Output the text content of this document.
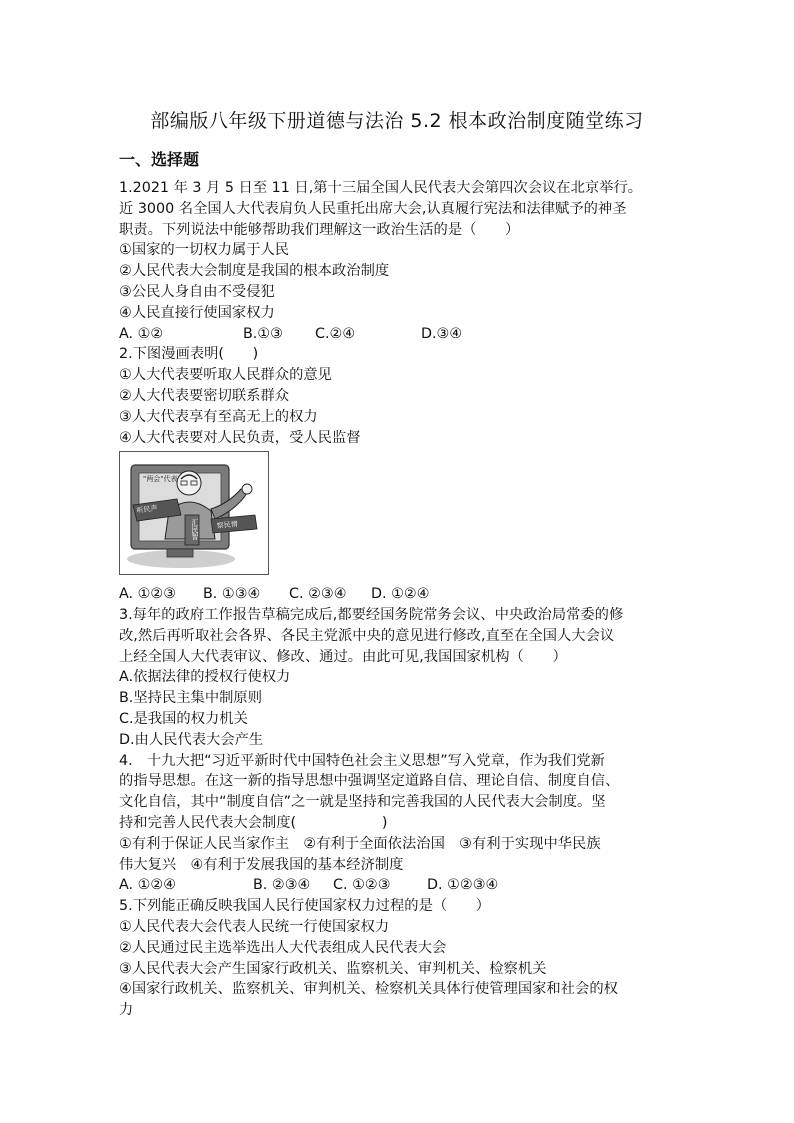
部编版八年级下册道德与法治 5.2 根本政治制度随堂练习
一、选择题
1.2021 年 3 月 5 日至 11 日,第十三届全国人民代表大会第四次会议在北京举行。
近 3000 名全国人大代表肩负人民重托出席大会,认真履行宪法和法律赋予的神圣
职责。下列说法中能够帮助我们理解这一政治生活的是（　　）
①国家的一切权力属于人民
②人民代表大会制度是我国的根本政治制度
③公民人身自由不受侵犯
④人民直接行使国家权力
A. ①②	B.①③	C.②④	D.③④
2.下图漫画表明(　　)
①人大代表要听取人民群众的意见
②人大代表要密切联系群众
③人大代表享有至高无上的权力
④人大代表要对人民负责，受人民监督
"两会"代表
听民声
察民情
汇民智
A. ①②③	B. ①③④	C. ②③④	D. ①②④
3.每年的政府工作报告草稿完成后,都要经国务院常务会议、中央政治局常委的修
改,然后再听取社会各界、各民主党派中央的意见进行修改,直至在全国人大会议
上经全国人大代表审议、修改、通过。由此可见,我国国家机构（　　）
A.依据法律的授权行使权力
B.坚持民主集中制原则
C.是我国的权力机关
D.由人民代表大会产生
4.　十九大把“习近平新时代中国特色社会主义思想”写入党章，作为我们党新
的指导思想。在这一新的指导思想中强调坚定道路自信、理论自信、制度自信、
文化自信，其中“制度自信”之一就是坚持和完善我国的人民代表大会制度。坚
持和完善人民代表大会制度(　　　　　　)
①有利于保证人民当家作主　②有利于全面依法治国　③有利于实现中华民族
伟大复兴　④有利于发展我国的基本经济制度
A. ①②④	B. ②③④	C. ①②③	D. ①②③④
5.下列能正确反映我国人民行使国家权力过程的是（　　）
①人民代表大会代表人民统一行使国家权力
②人民通过民主选举选出人大代表组成人民代表大会
③人民代表大会产生国家行政机关、监察机关、审判机关、检察机关
④国家行政机关、监察机关、审判机关、检察机关具体行使管理国家和社会的权
力
